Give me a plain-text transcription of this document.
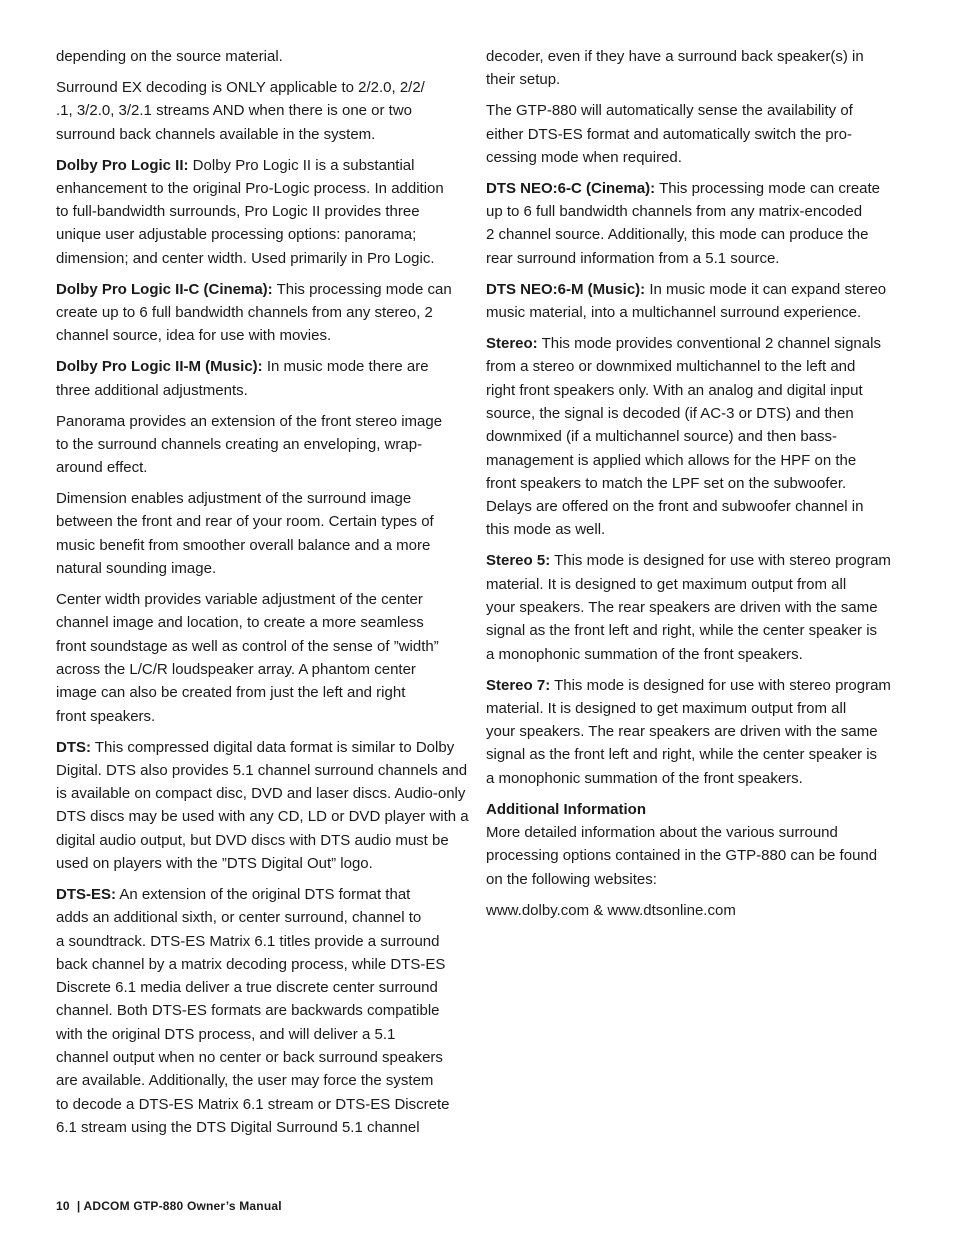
depending on the source material.

Surround EX decoding is ONLY applicable to 2/2.0, 2/2/
.1, 3/2.0, 3/2.1 streams AND when there is one or two
surround back channels available in the system.

Dolby Pro Logic II: Dolby Pro Logic II is a substantial
enhancement to the original Pro-Logic process. In addition
to full-bandwidth surrounds, Pro Logic II provides three
unique user adjustable processing options: panorama;
dimension; and center width. Used primarily in Pro Logic.

Dolby Pro Logic II-C (Cinema): This processing mode can
create up to 6 full bandwidth channels from any stereo, 2
channel source, idea for use with movies.

Dolby Pro Logic II-M (Music): In music mode there are
three additional adjustments.

Panorama provides an extension of the front stereo image
to the surround channels creating an enveloping, wrap-
around effect.

Dimension enables adjustment of the surround image
between the front and rear of your room. Certain types of
music benefit from smoother overall balance and a more
natural sounding image.

Center width provides variable adjustment of the center
channel image and location, to create a more seamless
front soundstage as well as control of the sense of ”width”
across the L/C/R loudspeaker array. A phantom center
image can also be created from just the left and right
front speakers.

DTS: This compressed digital data format is similar to Dolby
Digital. DTS also provides 5.1 channel surround channels and
is available on compact disc, DVD and laser discs. Audio-only
DTS discs may be used with any CD, LD or DVD player with a
digital audio output, but DVD discs with DTS audio must be
used on players with the ”DTS Digital Out” logo.

DTS-ES: An extension of the original DTS format that
adds an additional sixth, or center surround, channel to
a soundtrack. DTS-ES Matrix 6.1 titles provide a surround
back channel by a matrix decoding process, while DTS-ES
Discrete 6.1 media deliver a true discrete center surround
channel. Both DTS-ES formats are backwards compatible
with the original DTS process, and will deliver a 5.1
channel output when no center or back surround speakers
are available. Additionally, the user may force the system
to decode a DTS-ES Matrix 6.1 stream or DTS-ES Discrete
6.1 stream using the DTS Digital Surround 5.1 channel

decoder, even if they have a surround back speaker(s) in
their setup.

The GTP-880 will automatically sense the availability of
either DTS-ES format and automatically switch the pro-
cessing mode when required.

DTS NEO:6-C (Cinema): This processing mode can create
up to 6 full bandwidth channels from any matrix-encoded
2 channel source. Additionally, this mode can produce the
rear surround information from a 5.1 source.

DTS NEO:6-M (Music): In music mode it can expand stereo
music material, into a multichannel surround experience.

Stereo: This mode provides conventional 2 channel signals
from a stereo or downmixed multichannel to the left and
right front speakers only. With an analog and digital input
source, the signal is decoded (if AC-3 or DTS) and then
downmixed (if a multichannel source) and then bass-
management is applied which allows for the HPF on the
front speakers to match the LPF set on the subwoofer.
Delays are offered on the front and subwoofer channel in
this mode as well.

Stereo 5: This mode is designed for use with stereo program
material. It is designed to get maximum output from all
your speakers. The rear speakers are driven with the same
signal as the front left and right, while the center speaker is
a monophonic summation of the front speakers.

Stereo 7: This mode is designed for use with stereo program
material. It is designed to get maximum output from all
your speakers. The rear speakers are driven with the same
signal as the front left and right, while the center speaker is
a monophonic summation of the front speakers.

Additional Information
More detailed information about the various surround
processing options contained in the GTP-880 can be found
on the following websites:

www.dolby.com & www.dtsonline.com

10  | ADCOM GTP-880 Owner’s Manual
